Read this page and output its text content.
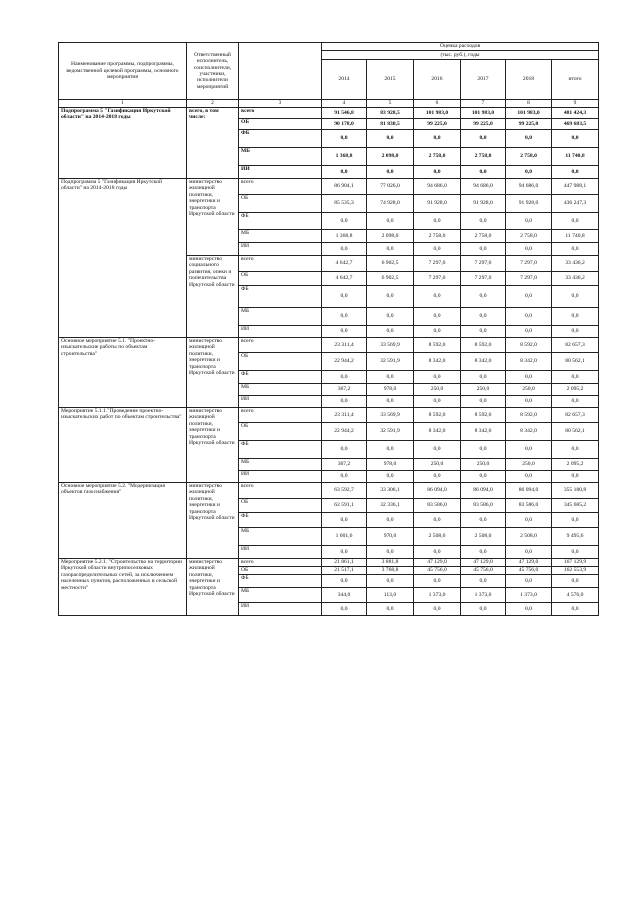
Наименование программы, подпрограммы, ведомственной целевой программы, основного мероприятия	Ответственный исполнитель, соисполнители, участники, исполнители мероприятий		Оценка расходов					
			(тыс. руб.), годы					
			2014	2015	2016	2017	2018	итого
1	2	3	4	5	6	7	8	9
Подпрограмма 5 "Газификация Иркутской области" на 2014-2018 годы	всего, в том числе:	всего	91 546,8	83 928,5	101 983,0	101 983,0	101 983,0	481 424,3
		ОБ	90 178,0	81 830,5	99 225,0	99 225,0	99 225,0	469 683,5
		ФБ	0,0	0,0	0,0	0,0	0,0	0,0
		МБ	1 368,8	2 098,0	2 758,0	2 758,0	2 758,0	11 740,8
		ИИ	0,0	0,0	0,0	0,0	0,0	0,0
Подпрограмма 5 "Газификация Иркутской области" на 2014-2018 годы	министерство жилищной политики, энергетики и транспорта Иркутской области	всего	86 904,1	77 026,0	94 686,0	94 686,0	94 686,0	447 988,1
		ОБ	85 535,3	74 928,0	91 928,0	91 928,0	91 928,0	436 247,3
		ФБ	0,0	0,0	0,0	0,0	0,0	0,0
		МБ	1 368,8	2 098,0	2 758,0	2 758,0	2 758,0	11 740,8
		ИИ	0,0	0,0	0,0	0,0	0,0	0,0
	министерство социального развития, опеки и попечительства Иркутской области	всего	4 642,7	6 902,5	7 297,0	7 297,0	7 297,0	33 436,2
		ОБ	4 642,7	6 902,5	7 297,0	7 297,0	7 297,0	33 436,2
		ФБ	0,0	0,0	0,0	0,0	0,0	0,0
		МБ	0,0	0,0	0,0	0,0	0,0	0,0
		ИИ	0,0	0,0	0,0	0,0	0,0	0,0
Основное мероприятие 5.1. "Проектно-изыскательские работы по объектам строительства"	министерство жилищной политики, энергетики и транспорта Иркутской области	всего	23 311,4	33 569,9	8 592,0	8 592,0	8 592,0	82 657,3
		ОБ	22 944,2	32 591,9	8 342,0	8 342,0	8 342,0	80 562,1
		ФБ	0,0	0,0	0,0	0,0	0,0	0,0
		МБ	367,2	978,0	250,0	250,0	250,0	2 095,2
		ИИ	0,0	0,0	0,0	0,0	0,0	0,0
Мероприятие 5.1.1."Проведение проектно-изыскательских работ по объектам строительства"	министерство жилищной политики, энергетики и транспорта Иркутской области	всего	23 311,4	33 569,9	8 592,0	8 592,0	8 592,0	82 657,3
		ОБ	22 944,2	32 591,9	8 342,0	8 342,0	8 342,0	80 562,1
		ФБ	0,0	0,0	0,0	0,0	0,0	0,0
		МБ	367,2	978,0	250,0	250,0	250,0	2 095,2
		ИИ	0,0	0,0	0,0	0,0	0,0	0,0
Основное мероприятие 5.2. "Модернизация объектов газоснабжения"	министерство жилищной политики, энергетики и транспорта Иркутской области	всего	63 592,7	33 306,1	86 094,0	86 094,0	86 094,0	355 180,8
		ОБ	62 591,1	32 336,1	83 586,0	83 586,0	83 586,0	345 685,2
		ФБ	0,0	0,0	0,0	0,0	0,0	0,0
		МБ	1 001,6	970,0	2 508,0	2 508,0	2 508,0	9 495,6
		ИИ	0,0	0,0	0,0	0,0	0,0	0,0
Мероприятие 5.2.1. "Строительство на территории Иркутской области внутрипоселковых газораспределительных сетей, за исключением населенных пунктов, расположенных в сельской местности"	министерство жилищной политики, энергетики и транспорта Иркутской области	всего	21 861,1	3 881,8	47 129,0	47 129,0	47 129,0	167 129,9
		ОБ	21 517,1	3 768,8	45 756,0	45 756,0	45 756,0	162 553,9
		ФБ	0,0	0,0	0,0	0,0	0,0	0,0
		МБ	344,0	113,0	1 373,0	1 373,0	1 373,0	4 576,0
		ИИ	0,0	0,0	0,0	0,0	0,0	0,0
